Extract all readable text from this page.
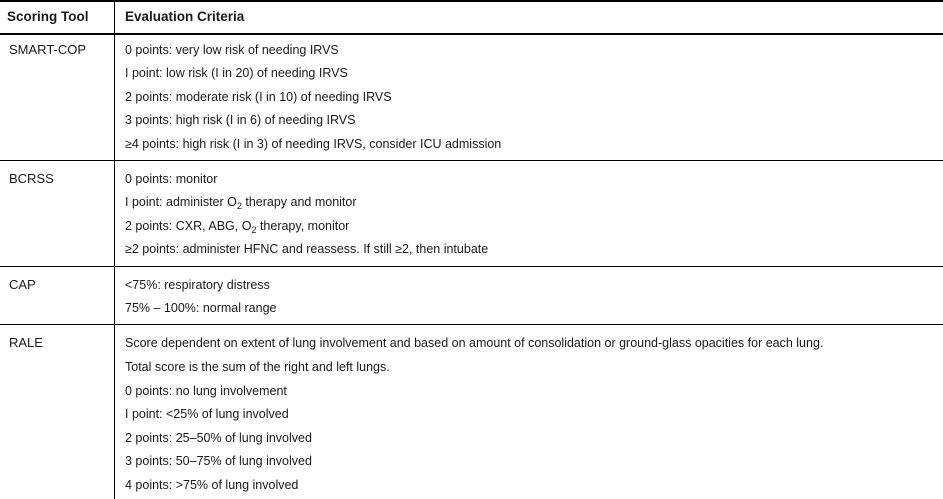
Scoring Tool	Evaluation Criteria
SMART-COP	0 points: very low risk of needing IRVS
I point: low risk (I in 20) of needing IRVS
2 points: moderate risk (I in 10) of needing IRVS
3 points: high risk (I in 6) of needing IRVS
≥4 points: high risk (I in 3) of needing IRVS, consider ICU admission
BCRSS	0 points: monitor
I point: administer $O_2$ therapy and monitor
2 points: CXR, ABG, $O_2$ therapy, monitor
≥2 points: administer HFNC and reassess. If still ≥2, then intubate
CAP	<75%: respiratory distress
75% – 100%: normal range
RALE	Score dependent on extent of lung involvement and based on amount of consolidation or ground-glass opacities for each lung.
Total score is the sum of the right and left lungs.
0 points: no lung involvement
I point: <25% of lung involved
2 points: 25–50% of lung involved
3 points: 50–75% of lung involved
4 points: >75% of lung involved
